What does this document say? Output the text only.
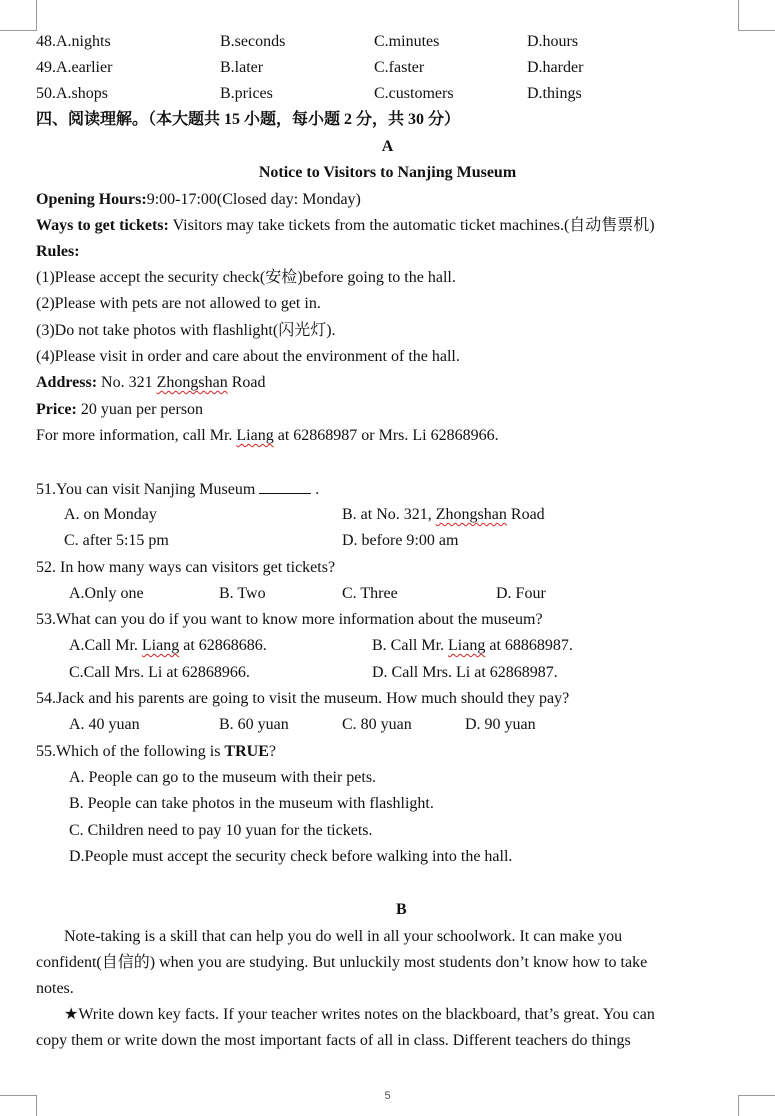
48.A.nights	B.seconds	C.minutes	D.hours
49.A.earlier	B.later	C.faster	D.harder
50.A.shops	B.prices	C.customers	D.things
四、阅读理解。（本大题共 15 小题，每小题 2 分，共 30 分）
A
Notice to Visitors to Nanjing Museum
Opening Hours:9:00-17:00(Closed day: Monday)
Ways to get tickets: Visitors may take tickets from the automatic ticket machines.(自动售票机)
Rules:
(1)Please accept the security check(安检)before going to the hall.
(2)Please with pets are not allowed to get in.
(3)Do not take photos with flashlight(闪光灯).
(4)Please visit in order and care about the environment of the hall.
Address: No. 321 Zhongshan Road
Price: 20 yuan per person
For more information, call Mr. Liang at 62868987 or Mrs. Li 62868966.
51.You can visit Nanjing Museum	.
A. on Monday	B. at No. 321, Zhongshan Road
C. after 5:15 pm	D. before 9:00 am
52. In how many ways can visitors get tickets?
A.Only one	B. Two	C. Three	D. Four
53.What can you do if you want to know more information about the museum?
A.Call Mr. Liang at 62868686.	B. Call Mr. Liang at 68868987.
C.Call Mrs. Li at 62868966.	D. Call Mrs. Li at 62868987.
54.Jack and his parents are going to visit the museum. How much should they pay?
A. 40 yuan	B. 60 yuan	C. 80 yuan	D. 90 yuan
55.Which of the following is TRUE?
A. People can go to the museum with their pets.
B. People can take photos in the museum with flashlight.
C. Children need to pay 10 yuan for the tickets.
D.People must accept the security check before walking into the hall.
B
Note-taking is a skill that can help you do well in all your schoolwork. It can make you
confident(自信的) when you are studying. But unluckily most students don’t know how to take
notes.
★Write down key facts. If your teacher writes notes on the blackboard, that’s great. You can
copy them or write down the most important facts of all in class. Different teachers do things
5
